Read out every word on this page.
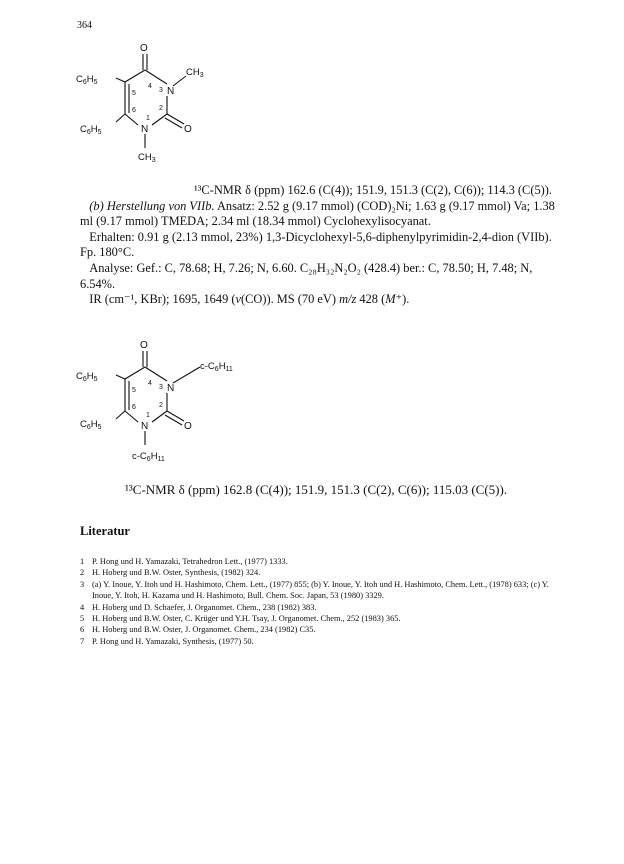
364
O
$C_6H_5$
$C_6H_5$
$CH_3$
$CH_3$
N
N	O
4
3
5
2
6
1

¹³C-NMR δ (ppm) 162.6 (C(4)); 151.9, 151.3 (C(2), C(6)); 114.3 (C(5)).

(b) Herstellung von VIIb. Ansatz: 2.52 g (9.17 mmol) (COD)₂Ni; 1.63 g (9.17 mmol) Va; 1.38 ml (9.17 mmol) TMEDA; 2.34 ml (18.34 mmol) Cyclohexylisocyanat.

Erhalten: 0.91 g (2.13 mmol, 23%) 1,3-Dicyclohexyl-5,6-diphenylpyrimidin-2,4-dion (VIIb). Fp. 180°C.

Analyse: Gef.: C, 78.68; H, 7.26; N, 6.60. C₂₈H₃₂N₂O₂ (428.4) ber.: C, 78.50; H, 7.48; N, 6.54%.

IR (cm⁻¹, KBr); 1695, 1649 (ν(CO)). MS (70 eV) m/z 428 (M⁺).

O
$C_6H_5$
$C_6H_5$
$c-C_6H_{11}$
$c-C_6H_{11}$
N
N	O
4
3
5
2
6
1
¹³C-NMR δ (ppm) 162.8 (C(4)); 151.9, 151.3 (C(2), C(6)); 115.03 (C(5)).
Literatur
1 P. Hong und H. Yamazaki, Tetrahedron Lett., (1977) 1333.
2 H. Hoberg und B.W. Oster, Synthesis, (1982) 324.
3 (a) Y. Inoue, Y. Itoh und H. Hashimoto, Chem. Lett., (1977) 855; (b) Y. Inoue, Y. Itoh und H. Hashimoto, Chem. Lett., (1978) 633; (c) Y. Inoue, Y. Itoh, H. Kazama und H. Hashimoto, Bull. Chem. Soc. Japan, 53 (1980) 3329.
4 H. Hoberg und D. Schaefer, J. Organomet. Chem., 238 (1982) 383.
5 H. Hoberg und B.W. Oster, C. Krüger und Y.H. Tsay, J. Organomet. Chem., 252 (1983) 365.
6 H. Hoberg und B.W. Oster, J. Organomet. Chem., 234 (1982) C35.
7 P. Hong und H. Yamazaki, Synthesis, (1977) 50.
